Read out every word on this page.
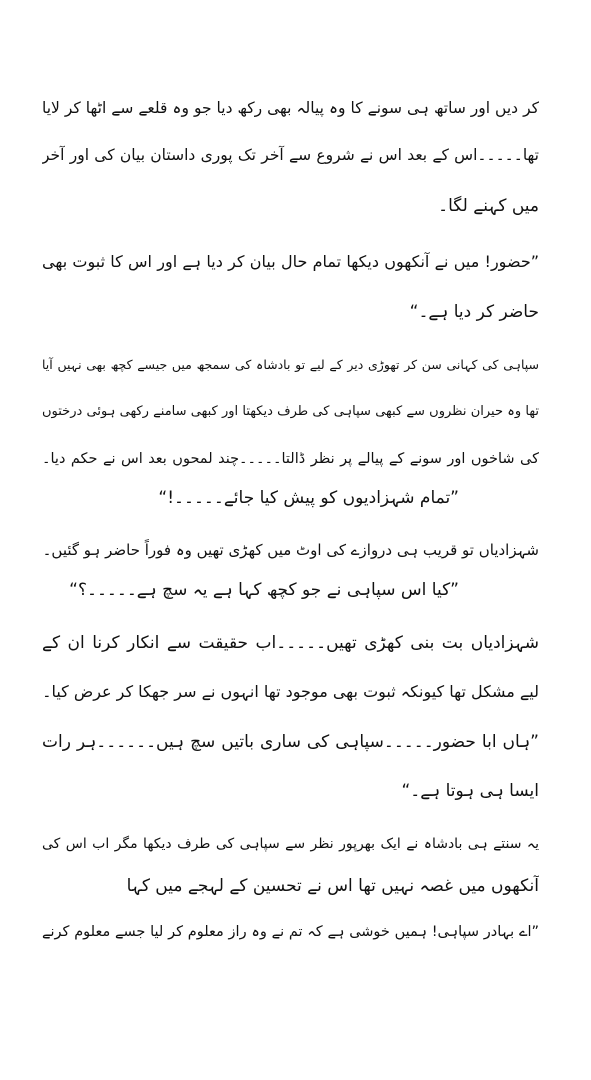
کر دیں اور ساتھ ہی سونے کا وہ پیالہ بھی رکھ دیا جو وہ قلعے سے اٹھا کر لایا
تھا۔۔۔۔۔اس کے بعد اس نے شروع سے آخر تک پوری داستان بیان کی اور آخر
میں کہنے لگا۔
”حضور! میں نے آنکھوں دیکھا تمام حال بیان کر دیا ہے اور اس کا ثبوت بھی
حاضر کر دیا ہے۔“
سپاہی کی کہانی سن کر تھوڑی دیر کے لیے تو بادشاہ کی سمجھ میں جیسے کچھ بھی نہیں آیا
تھا وہ حیران نظروں سے کبھی سپاہی کی طرف دیکھتا اور کبھی سامنے رکھی ہوئی درختوں
کی شاخوں اور سونے کے پیالے پر نظر ڈالتا۔۔۔۔۔چند لمحوں بعد اس نے حکم دیا۔
”تمام شہزادیوں کو پیش کیا جائے۔۔۔۔۔!“
شہزادیاں تو قریب ہی دروازے کی اوٹ میں کھڑی تھیں وہ فوراً حاضر ہو گئیں۔
”کیا اس سپاہی نے جو کچھ کہا ہے یہ سچ ہے۔۔۔۔۔؟“
شہزادیاں بت بنی کھڑی تھیں۔۔۔۔۔اب حقیقت سے انکار کرنا ان کے
لیے مشکل تھا کیونکہ ثبوت بھی موجود تھا انہوں نے سر جھکا کر عرض کیا۔
”ہاں ابا حضور۔۔۔۔۔سپاہی کی ساری باتیں سچ ہیں۔۔۔۔۔۔ہر رات
ایسا ہی ہوتا ہے۔“
یہ سنتے ہی بادشاہ نے ایک بھرپور نظر سے سپاہی کی طرف دیکھا مگر اب اس کی
آنکھوں میں غصہ نہیں تھا اس نے تحسین کے لہجے میں کہا
”اے بہادر سپاہی! ہمیں خوشی ہے کہ تم نے وہ راز معلوم کر لیا جسے معلوم کرنے
